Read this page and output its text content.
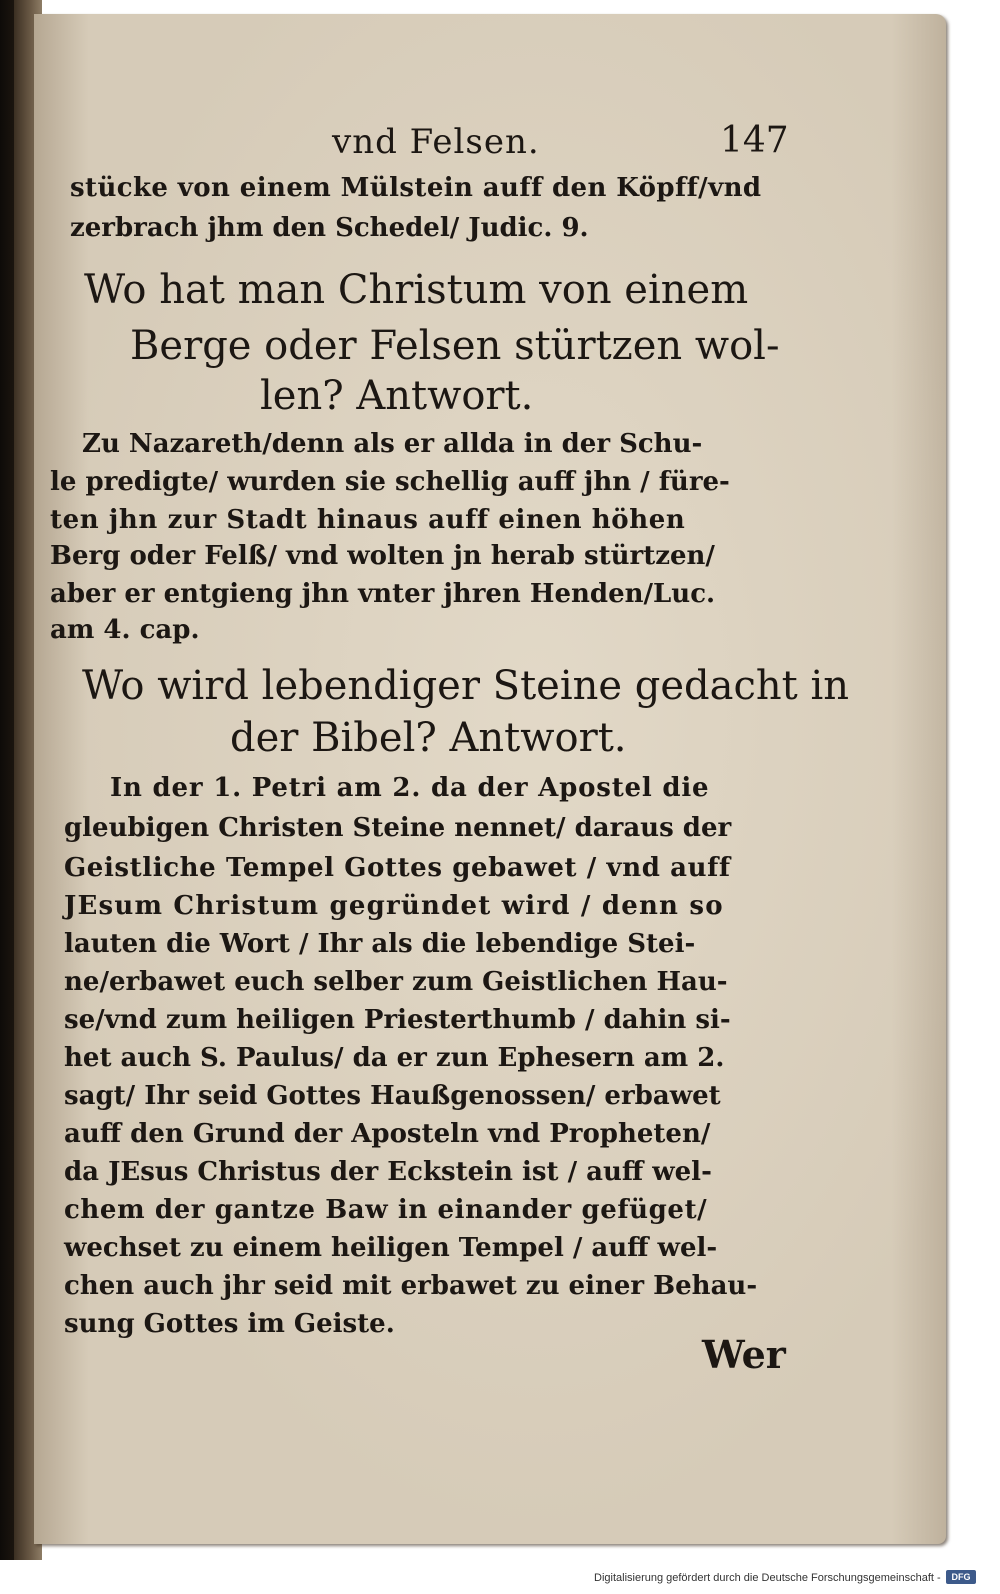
vnd Felsen.	147

stücke von einem Mülstein auff den Köpff/vnd

zerbrach jhm den Schedel/ Judic. 9.

Wo hat man Christum von einem

Berge oder Felsen stürtzen wol-

len? Antwort.

Zu Nazareth/denn als er allda in der Schu-

le predigte/ wurden sie schellig auff jhn / füre-

ten jhn zur Stadt hinaus auff einen höhen

Berg oder Felß/ vnd wolten jn herab stürtzen/

aber er entgieng jhn vnter jhren Henden/Luc.

am 4. cap.

Wo wird lebendiger Steine gedacht in

der Bibel? Antwort.

In der 1. Petri am 2. da der Apostel die

gleubigen Christen Steine nennet/ daraus der

Geistliche Tempel Gottes gebawet / vnd auff

JEsum Christum gegründet wird / denn so

lauten die Wort / Ihr als die lebendige Stei-

ne/erbawet euch selber zum Geistlichen Hau-

se/vnd zum heiligen Priesterthumb / dahin si-

het auch S. Paulus/ da er zun Ephesern am 2.

sagt/ Ihr seid Gottes Haußgenossen/ erbawet

auff den Grund der Aposteln vnd Propheten/

da JEsus Christus der Eckstein ist / auff wel-

chem der gantze Baw in einander gefüget/

wechset zu einem heiligen Tempel / auff wel-

chen auch jhr seid mit erbawet zu einer Behau-

sung Gottes im Geiste.

Wer

Digitalisierung gefördert durch die Deutsche Forschungsgemeinschaft -	DFG
